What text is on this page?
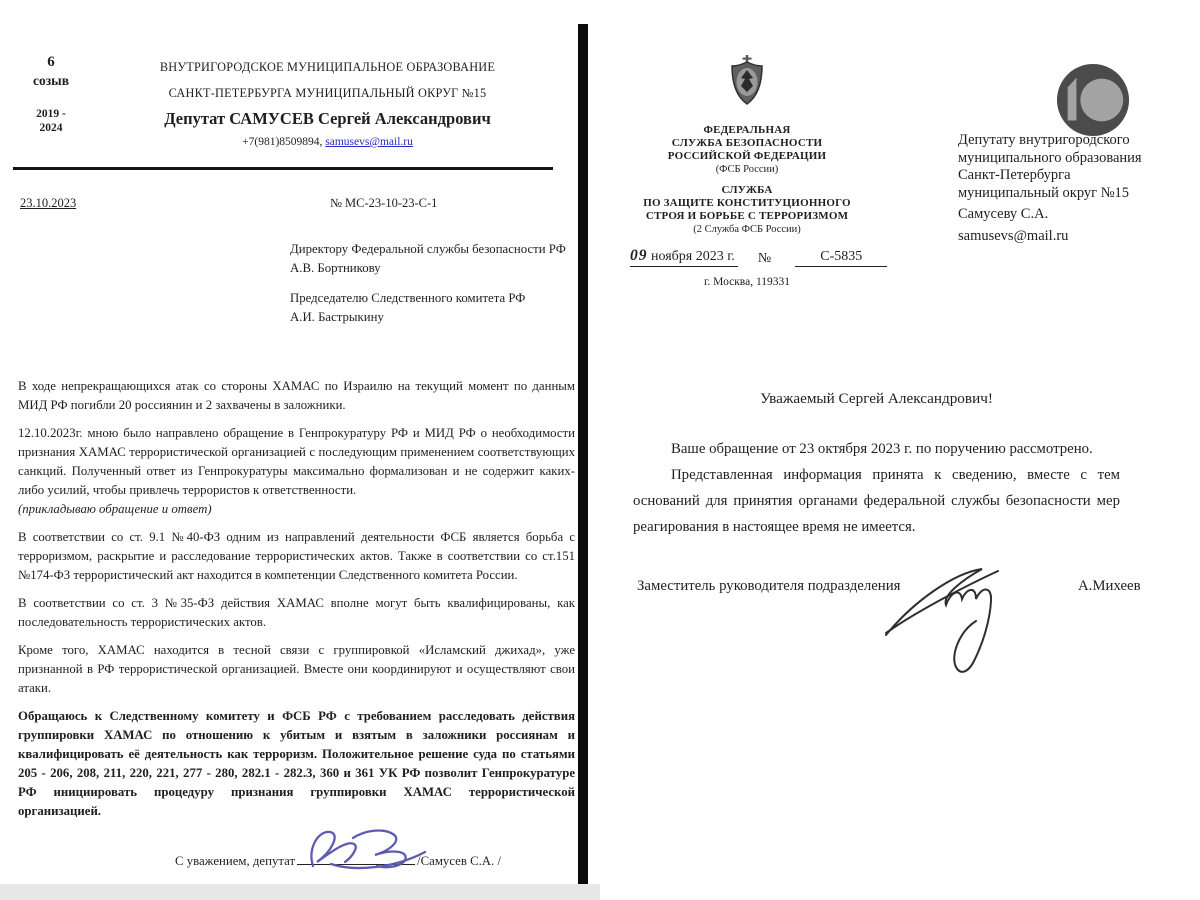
6
созыв
2019 -
2024
ВНУТРИГОРОДСКОЕ МУНИЦИПАЛЬНОЕ ОБРАЗОВАНИЕ
САНКТ-ПЕТЕРБУРГА МУНИЦИПАЛЬНЫЙ ОКРУГ №15
Депутат САМУСЕВ Сергей Александрович
+7(981)8509894, samusevs@mail.ru
23.10.2023	№ МС-23-10-23-С-1
Директору Федеральной службы безопасности РФ
А.В. Бортникову
Председателю Следственного комитета РФ
А.И. Бастрыкину

В ходе непрекращающихся атак со стороны ХАМАС по Израилю на текущий момент по данным МИД РФ погибли 20 россиянин и 2 захвачены в заложники.

12.10.2023г. мною было направлено обращение в Генпрокуратуру РФ и МИД РФ о необходимости признания ХАМАС террористической организацией с последующим применением соответствующих санкций. Полученный ответ из Генпрокуратуры максимально формализован и не содержит каких-либо усилий, чтобы привлечь террористов к ответственности.
(прикладываю обращение и ответ)

В соответствии со ст. 9.1 №40-ФЗ одним из направлений деятельности ФСБ является борьба с терроризмом, раскрытие и расследование террористических актов. Также в соответствии со ст.151 №174-ФЗ террористический акт находится в компетенции Следственного комитета России.

В соответствии со ст. 3 №35-ФЗ действия ХАМАС вполне могут быть квалифицированы, как последовательность террористических актов.

Кроме того, ХАМАС находится в тесной связи с группировкой «Исламский джихад», уже признанной в РФ террористической организацией. Вместе они координируют и осуществляют свои атаки.

Обращаюсь к Следственному комитету и ФСБ РФ с требованием расследовать действия группировки ХАМАС по отношению к убитым и взятым в заложники россиянам и квалифицировать её деятельность как терроризм. Положительное решение суда по статьями 205 - 206, 208, 211, 220, 221, 277 - 280, 282.1 - 282.3, 360 и 361 УК РФ позволит Генпрокуратуре РФ инициировать процедуру признания группировки ХАМАС террористической организацией.

С уважением, депутат	/Самусев С.А. /
ФЕДЕРАЛЬНАЯ
СЛУЖБА БЕЗОПАСНОСТИ
РОССИЙСКОЙ ФЕДЕРАЦИИ
(ФСБ России)
СЛУЖБА
ПО ЗАЩИТЕ КОНСТИТУЦИОННОГО
СТРОЯ И БОРЬБЕ С ТЕРРОРИЗМОМ
(2 Служба ФСБ России)
09 ноября 2023 г. №	С-5835
г. Москва, 119331
Депутату внутригородского
муниципального образования
Санкт-Петербурга
муниципальный округ №15
Самусеву С.А.
samusevs@mail.ru
Уважаемый Сергей Александрович!

Ваше обращение от 23 октября 2023 г. по поручению рассмотрено.

Представленная информация принята к сведению, вместе с тем оснований для принятия органами федеральной службы безопасности мер реагирования в настоящее время не имеется.

Заместитель руководителя подразделения	А.Михеев
